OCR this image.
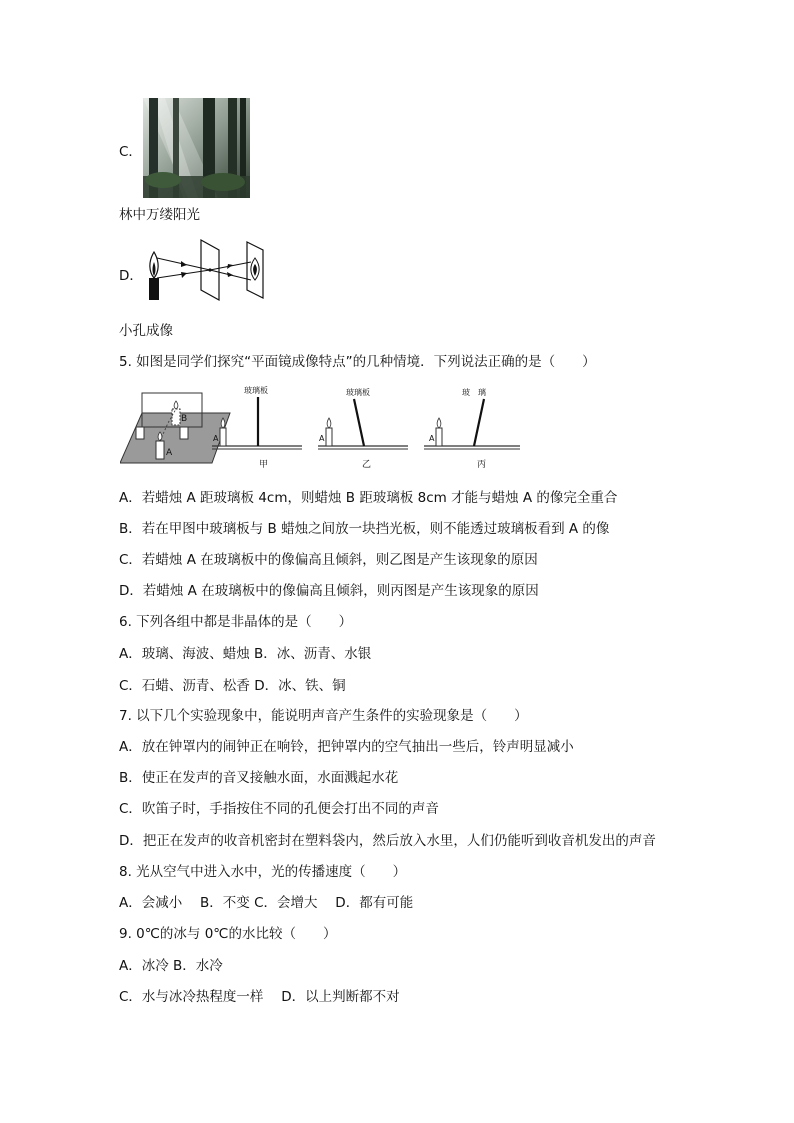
C．
林中万缕阳光
D．
小孔成像
5. 如图是同学们探究“平面镜成像特点”的几种情境．下列说法正确的是（　　）
B
A
A
玻璃板
甲
A
玻璃板
乙
A
玻　璃
丙
A．若蜡烛 A 距玻璃板 4cm，则蜡烛 B 距玻璃板 8cm 才能与蜡烛 A 的像完全重合
B．若在甲图中玻璃板与 B 蜡烛之间放一块挡光板，则不能透过玻璃板看到 A 的像
C．若蜡烛 A 在玻璃板中的像偏高且倾斜，则乙图是产生该现象的原因
D．若蜡烛 A 在玻璃板中的像偏高且倾斜，则丙图是产生该现象的原因
6. 下列各组中都是非晶体的是（　　）
A．玻璃、海波、蜡烛 B．冰、沥青、水银
C．石蜡、沥青、松香 D．冰、铁、铜
7. 以下几个实验现象中，能说明声音产生条件的实验现象是（　　）
A．放在钟罩内的闹钟正在响铃，把钟罩内的空气抽出一些后，铃声明显减小
B．使正在发声的音叉接触水面，水面溅起水花
C．吹笛子时，手指按住不同的孔便会打出不同的声音
D．把正在发声的收音机密封在塑料袋内，然后放入水里，人们仍能听到收音机发出的声音
8. 光从空气中进入水中，光的传播速度（　　）
A．会减小　 B．不变 C．会增大　 D．都有可能
9. 0℃的冰与 0℃的水比较（　　）
A．冰冷 B．水冷
C．水与冰冷热程度一样　 D．以上判断都不对
